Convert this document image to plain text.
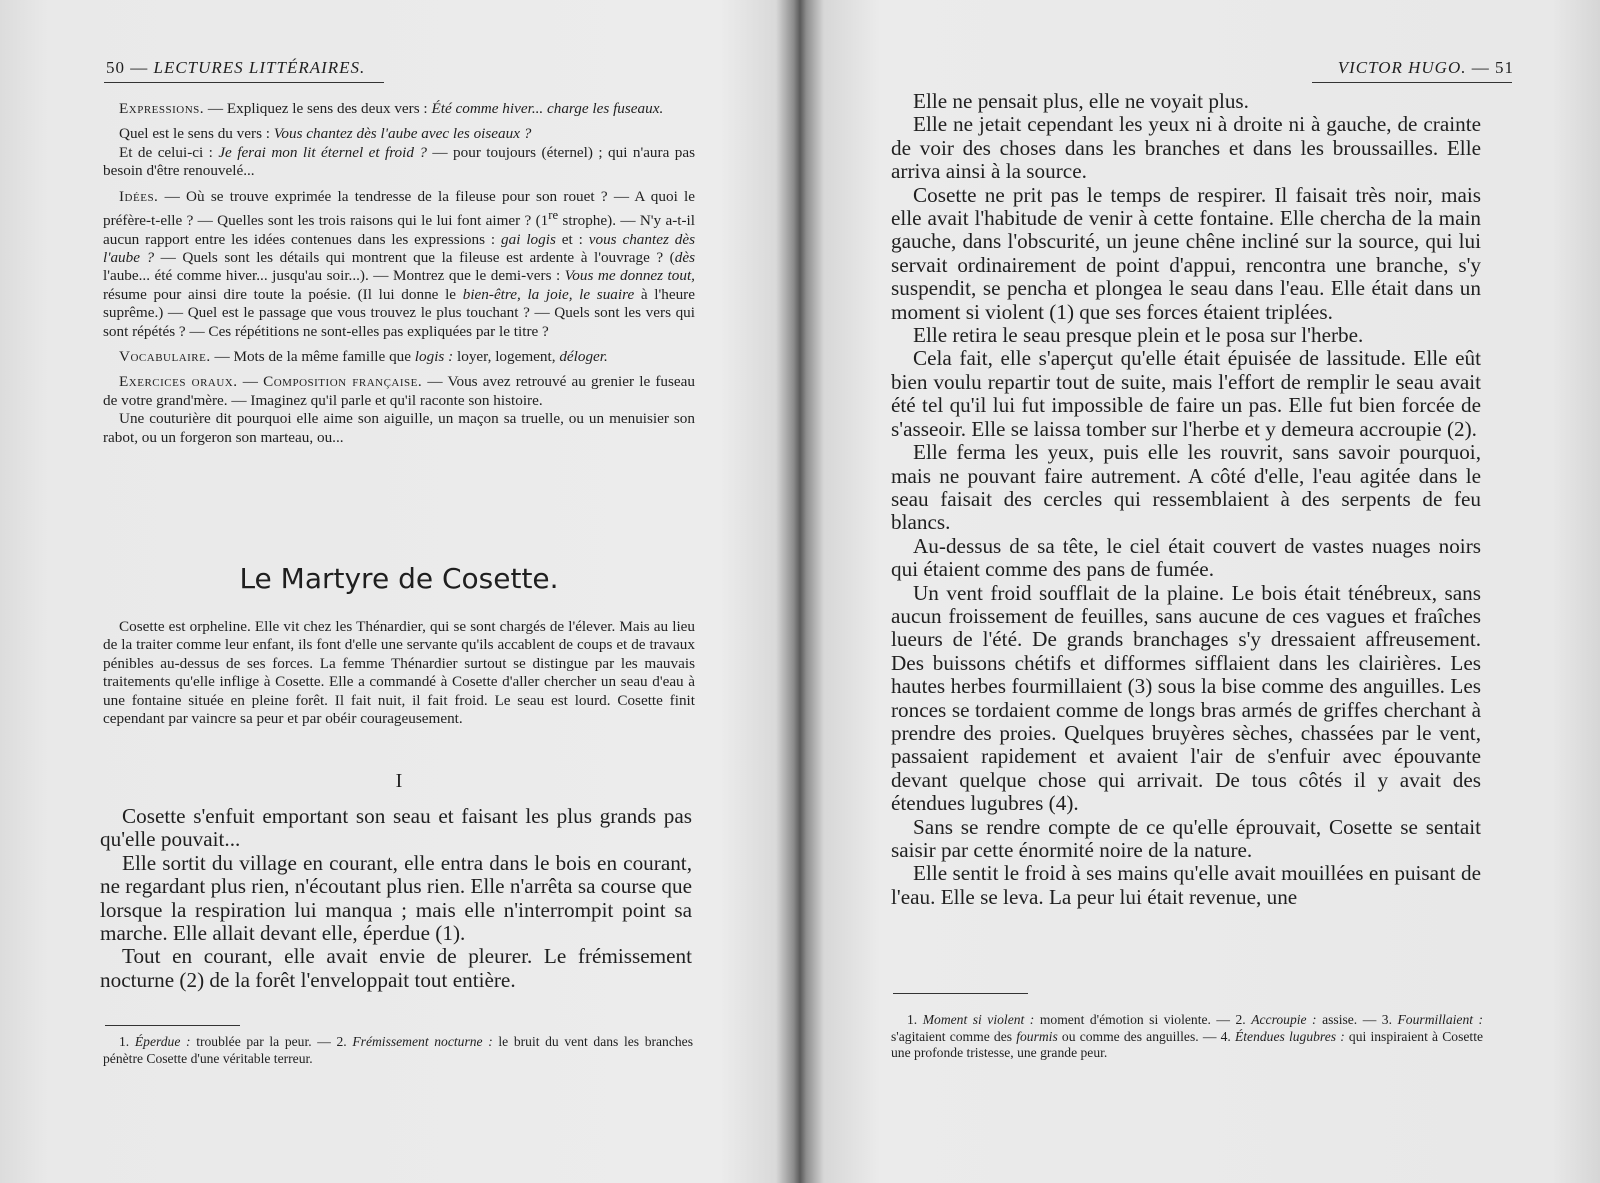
50 — LECTURES LITTÉRAIRES.

Expressions. — Expliquez le sens des deux vers : Été comme hiver... charge les fuseaux.

Quel est le sens du vers : Vous chantez dès l'aube avec les oiseaux ?

Et de celui-ci : Je ferai mon lit éternel et froid ? — pour toujours (éternel) ; qui n'aura pas besoin d'être renouvelé...

Idées. — Où se trouve exprimée la tendresse de la fileuse pour son rouet ? — A quoi le préfère-t-elle ? — Quelles sont les trois raisons qui le lui font aimer ? (1re strophe). — N'y a-t-il aucun rapport entre les idées contenues dans les expressions : gai logis et : vous chantez dès l'aube ? — Quels sont les détails qui montrent que la fileuse est ardente à l'ouvrage ? (dès l'aube... été comme hiver... jusqu'au soir...). — Montrez que le demi-vers : Vous me donnez tout, résume pour ainsi dire toute la poésie. (Il lui donne le bien-être, la joie, le suaire à l'heure suprême.) — Quel est le passage que vous trouvez le plus touchant ? — Quels sont les vers qui sont répétés ? — Ces répétitions ne sont-elles pas expliquées par le titre ?

Vocabulaire. — Mots de la même famille que logis : loyer, logement, déloger.

Exercices oraux. — Composition française. — Vous avez retrouvé au grenier le fuseau de votre grand'mère. — Imaginez qu'il parle et qu'il raconte son histoire.

Une couturière dit pourquoi elle aime son aiguille, un maçon sa truelle, ou un menuisier son rabot, ou un forgeron son marteau, ou...

Le Martyre de Cosette.

Cosette est orpheline. Elle vit chez les Thénardier, qui se sont chargés de l'élever. Mais au lieu de la traiter comme leur enfant, ils font d'elle une servante qu'ils accablent de coups et de travaux pénibles au-dessus de ses forces. La femme Thénardier surtout se distingue par les mauvais traitements qu'elle inflige à Cosette. Elle a commandé à Cosette d'aller chercher un seau d'eau à une fontaine située en pleine forêt. Il fait nuit, il fait froid. Le seau est lourd. Cosette finit cependant par vaincre sa peur et par obéir courageusement.

I

Cosette s'enfuit emportant son seau et faisant les plus grands pas qu'elle pouvait...

Elle sortit du village en courant, elle entra dans le bois en courant, ne regardant plus rien, n'écoutant plus rien. Elle n'arrêta sa course que lorsque la respiration lui manqua ; mais elle n'interrompit point sa marche. Elle allait devant elle, éperdue (1).

Tout en courant, elle avait envie de pleurer. Le frémissement nocturne (2) de la forêt l'enveloppait tout entière.

1. Éperdue : troublée par la peur. — 2. Frémissement nocturne : le bruit du vent dans les branches pénètre Cosette d'une véritable terreur.

VICTOR HUGO. — 51

Elle ne pensait plus, elle ne voyait plus.

Elle ne jetait cependant les yeux ni à droite ni à gauche, de crainte de voir des choses dans les branches et dans les broussailles. Elle arriva ainsi à la source.

Cosette ne prit pas le temps de respirer. Il faisait très noir, mais elle avait l'habitude de venir à cette fontaine. Elle chercha de la main gauche, dans l'obscurité, un jeune chêne incliné sur la source, qui lui servait ordinairement de point d'appui, rencontra une branche, s'y suspendit, se pencha et plongea le seau dans l'eau. Elle était dans un moment si violent (1) que ses forces étaient triplées.

Elle retira le seau presque plein et le posa sur l'herbe.

Cela fait, elle s'aperçut qu'elle était épuisée de lassitude. Elle eût bien voulu repartir tout de suite, mais l'effort de remplir le seau avait été tel qu'il lui fut impossible de faire un pas. Elle fut bien forcée de s'asseoir. Elle se laissa tomber sur l'herbe et y demeura accroupie (2).

Elle ferma les yeux, puis elle les rouvrit, sans savoir pourquoi, mais ne pouvant faire autrement. A côté d'elle, l'eau agitée dans le seau faisait des cercles qui ressemblaient à des serpents de feu blancs.

Au-dessus de sa tête, le ciel était couvert de vastes nuages noirs qui étaient comme des pans de fumée.

Un vent froid soufflait de la plaine. Le bois était ténébreux, sans aucun froissement de feuilles, sans aucune de ces vagues et fraîches lueurs de l'été. De grands branchages s'y dressaient affreusement. Des buissons chétifs et difformes sifflaient dans les clairières. Les hautes herbes fourmillaient (3) sous la bise comme des anguilles. Les ronces se tordaient comme de longs bras armés de griffes cherchant à prendre des proies. Quelques bruyères sèches, chassées par le vent, passaient rapidement et avaient l'air de s'enfuir avec épouvante devant quelque chose qui arrivait. De tous côtés il y avait des étendues lugubres (4).

Sans se rendre compte de ce qu'elle éprouvait, Cosette se sentait saisir par cette énormité noire de la nature.

Elle sentit le froid à ses mains qu'elle avait mouillées en puisant de l'eau. Elle se leva. La peur lui était revenue, une

1. Moment si violent : moment d'émotion si violente. — 2. Accroupie : assise. — 3. Fourmillaient : s'agitaient comme des fourmis ou comme des anguilles. — 4. Étendues lugubres : qui inspiraient à Cosette une profonde tristesse, une grande peur.
